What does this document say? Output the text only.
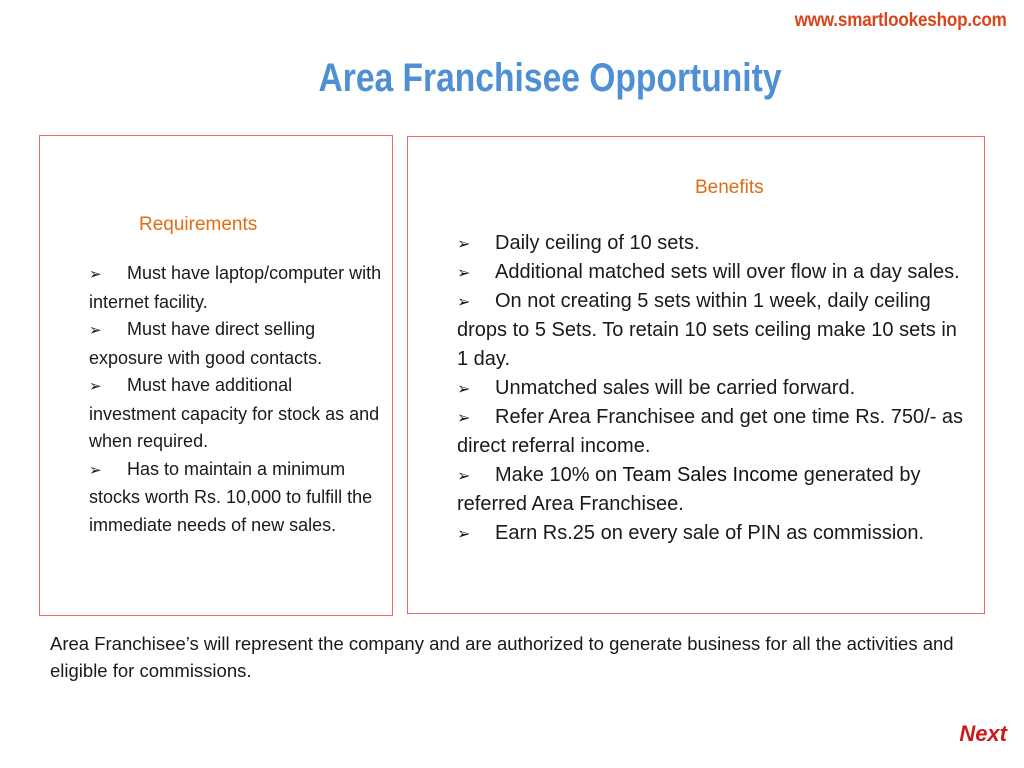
www.smartlookeshop.com
Area Franchisee Opportunity
Requirements
➢ Must have laptop/computer with internet facility.
➢ Must have direct selling exposure with good contacts.
➢ Must have additional investment capacity for stock as and when required.
➢ Has to maintain a minimum stocks worth Rs. 10,000 to fulfill the immediate needs of new sales.
Benefits
➢ Daily ceiling of 10 sets.
➢ Additional matched sets will over flow in a day sales.
➢ On not creating 5 sets within 1 week, daily ceiling drops to 5 Sets. To retain 10 sets ceiling make 10 sets in 1 day.
➢ Unmatched sales will be carried forward.
➢ Refer Area Franchisee and get one time Rs. 750/- as direct referral income.
➢ Make 10% on Team Sales Income generated by referred Area Franchisee.
➢ Earn Rs.25 on every sale of PIN as commission.

Area Franchisee’s will represent the company and are authorized to generate business for all the activities and eligible for commissions.

Next
